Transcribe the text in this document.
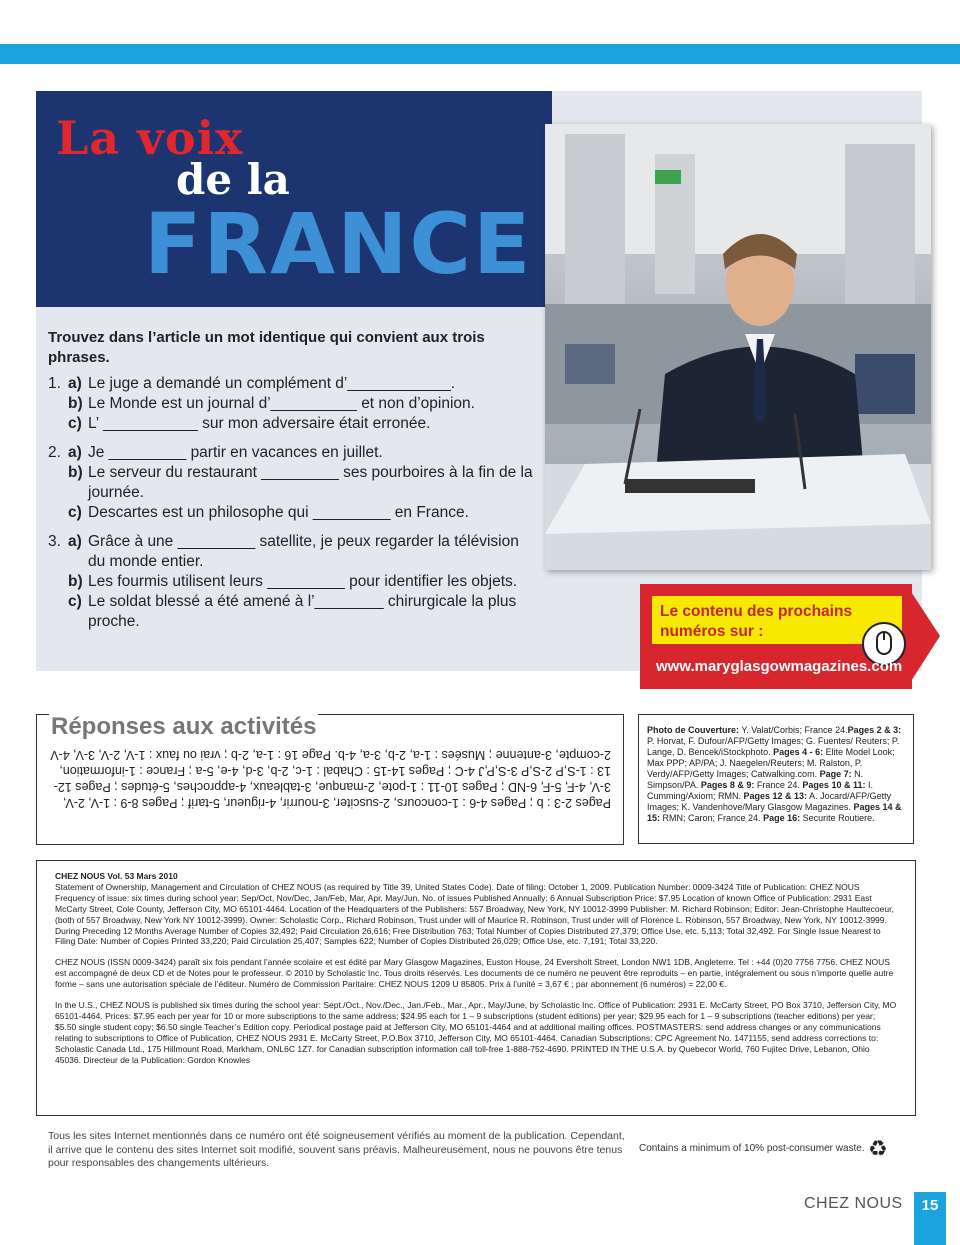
La voix
de la
FRANCE
Trouvez dans l’article un mot identique qui convient aux trois phrases.
1. a) Le juge a demandé un complément d’____________.
b) Le Monde est un journal d’__________ et non d’opinion.
c) L’ ___________ sur mon adversaire était erronée.
2. a) Je _________ partir en vacances en juillet.
b) Le serveur du restaurant _________ ses pourboires à la fin de la journée.
c) Descartes est un philosophe qui _________ en France.
3. a) Grâce à une _________ satellite, je peux regarder la télévision du monde entier.
b) Les fourmis utilisent leurs _________ pour identifier les objets.
c) Le soldat blessé a été amené à l’________ chirurgicale la plus proche.
Le contenu des prochains
numéros sur :
www.maryglasgowmagazines.com
Réponses aux activités
Pages 2-3 : b ; Pages 4-6 : 1-concours, 2-susciter, 3-nourrir, 4-rigueur, 5-tarif ; Pages 8-9 : 1-V, 2-V, 3-V, 4-F, 5-F, 6-ND ; Pages 10-11 : 1-pote, 2-manque, 3-tableaux, 4-approches, 5-études ; Pages 12-13 : 1-S,P 2-S,P 3-S,P,J 4-C ; Pages 14-15 : Chabal : 1-c, 2-b, 3-d, 4-e, 5-a ; France : 1-information, 2-compte, 3-antenne ; Musées : 1-a, 2-b, 3-a, 4-b. Page 16 : 1-a, 2-b ; vrai ou faux : 1-V, 2-V, 3-V, 4-V
Photo de Couverture: Y. Valat/Corbis; France 24.Pages 2 & 3: P. Horvat, F. Dufour/AFP/Getty Images; G. Fuentes/ Reuters; P. Lange, D. Bencek/iStockphoto. Pages 4 - 6: Elite Model Look; Max PPP; AP/PA; J. Naegelen/Reuters; M. Ralston, P. Verdy/AFP/Getty Images; Catwalking.com. Page 7: N. Simpson/PA. Pages 8 & 9: France 24. Pages 10 & 11: I. Cumming/Axiom; RMN. Pages 12 & 13: A. Jocard/AFP/Getty Images; K. Vandenhove/Mary Glasgow Magazines. Pages 14 & 15: RMN; Caron; France 24. Page 16: Securite Routiere.

CHEZ NOUS Vol. 53 Mars 2010

Statement of Ownership, Management and Circulation of CHEZ NOUS (as required by Title 39, United States Code). Date of filing: October 1, 2009. Publication Number: 0009-3424 Title of Publication: CHEZ NOUS Frequency of issue: six times during school year: Sep/Oct, Nov/Dec, Jan/Feb, Mar, Apr, May/Jun. No. of issues Published Annually: 6 Annual Subscription Price: $7.95 Location of known Office of Publication: 2931 East McCarty Street, Cole County, Jefferson City, MO 65101-4464. Location of the Headquarters of the Publishers: 557 Broadway, New York, NY 10012-3999 Publisher: M. Richard Robinson; Editor: Jean-Christophe Haultecoeur, (both of 557 Broadway, New York NY 10012-3999). Owner: Scholastic Corp., Richard Robinson, Trust under will of Maurice R. Robinson, Trust under will of Florence L. Robinson, 557 Broadway, New York, NY 10012-3999. During Preceding 12 Months Average Number of Copies 32,492; Paid Circulation 26,616; Free Distribution 763; Total Number of Copies Distributed 27,379; Office Use, etc. 5,113; Total 32,492. For Single Issue Nearest to Filing Date: Number of Copies Printed 33,220; Paid Circulation 25,407; Samples 622; Number of Copies Distributed 26,029; Office Use, etc. 7,191; Total 33,220.

CHEZ NOUS (ISSN 0009-3424) paraît six fois pendant l’année scolaire et est édité par Mary Glasgow Magazines, Euston House, 24 Eversholt Street, London NW1 1DB, Angleterre. Tel : +44 (0)20 7756 7756. CHEZ NOUS est accompagné de deux CD et de Notes pour le professeur. © 2010 by Scholastic Inc. Tous droits réservés. Les documents de ce numéro ne peuvent être reproduits – en partie, intégralement ou sous n’importe quelle autre forme – sans une autorisation spéciale de l’éditeur. Numéro de Commission Paritaire: CHEZ NOUS 1209 U 85805. Prix à l’unité = 3,67 € ; par abonnement (6 numéros) = 22,00 €.

In the U.S., CHEZ NOUS is published six times during the school year: Sept./Oct., Nov./Dec., Jan./Feb., Mar., Apr., May/June, by Scholastic Inc. Office of Publication: 2931 E. McCarty Street, PO Box 3710, Jefferson City, MO 65101-4464. Prices: $7.95 each per year for 10 or more subscriptions to the same address; $24.95 each for 1 – 9 subscriptions (student editions) per year; $29.95 each for 1 – 9 subscriptions (teacher editions) per year; $5.50 single student copy; $6.50 single Teacher’s Edition copy. Periodical postage paid at Jefferson City, MO 65101-4464 and at additional mailing offices. POSTMASTERS: send address changes or any communications relating to subscriptions to Office of Publication, CHEZ NOUS 2931 E. McCarty Street, P.O.Box 3710, Jefferson City, MO 65101-4464. Canadian Subscriptions: CPC Agreement No. 1471155, send address corrections to: Scholastic Canada Ltd., 175 Hillmount Road, Markham, ONL6C 1Z7. for Canadian subscription information call toll-free 1-888-752-4690. PRINTED IN THE U.S.A. by Quebecor World, 760 Fujitec Drive, Lebanon, Ohio 45036. Directeur de la Publication: Gordon Knowles

Tous les sites Internet mentionnés dans ce numéro ont été soigneusement vérifiés au moment de la publication. Cependant, il arrive que le contenu des sites Internet soit modifié, souvent sans préavis. Malheureusement, nous ne pouvons être tenus pour responsables des changements ultérieurs.
Contains a minimum of 10% post-consumer waste. ♻
CHEZ NOUS	15
